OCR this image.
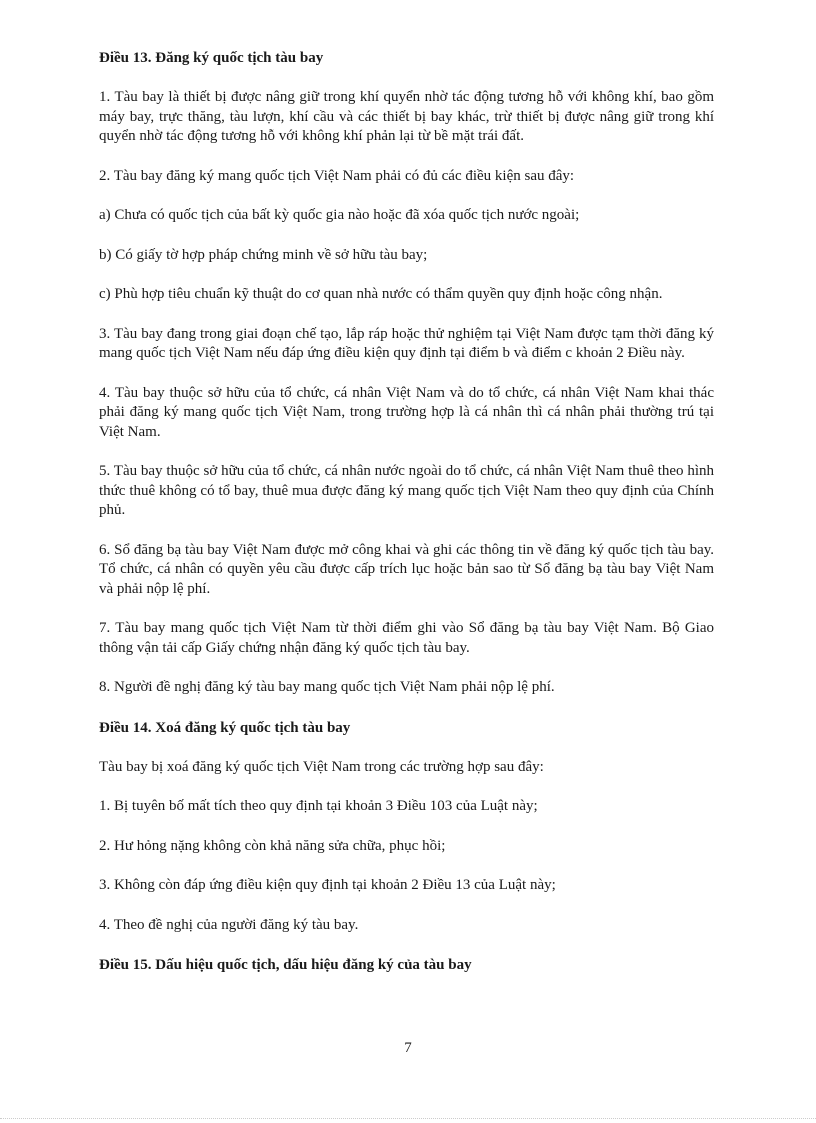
Điều 13. Đăng ký quốc tịch tàu bay
1. Tàu bay là thiết bị được nâng giữ trong khí quyển nhờ tác động tương hỗ với không khí, bao gồm máy bay, trực thăng, tàu lượn, khí cầu và các thiết bị bay khác, trừ thiết bị được nâng giữ trong khí quyển nhờ tác động tương hỗ với không khí phản lại từ bề mặt trái đất.
2. Tàu bay đăng ký mang quốc tịch Việt Nam phải có đủ các điều kiện sau đây:
a) Chưa có quốc tịch của bất kỳ quốc gia nào hoặc đã xóa quốc tịch nước ngoài;
b) Có giấy tờ hợp pháp chứng minh về sở hữu tàu bay;
c) Phù hợp tiêu chuẩn kỹ thuật do cơ quan nhà nước có thẩm quyền quy định hoặc công nhận.
3. Tàu bay đang trong giai đoạn chế tạo, lắp ráp hoặc thử nghiệm tại Việt Nam được tạm thời đăng ký mang quốc tịch Việt Nam nếu đáp ứng điều kiện quy định tại điểm b và điểm c khoản 2 Điều này.
4. Tàu bay thuộc sở hữu của tổ chức, cá nhân Việt Nam và do tổ chức, cá nhân Việt Nam khai thác phải đăng ký mang quốc tịch Việt Nam, trong trường hợp là cá nhân thì cá nhân phải thường trú tại Việt Nam.
5. Tàu bay thuộc sở hữu của tổ chức, cá nhân nước ngoài do tổ chức, cá nhân Việt Nam thuê theo hình thức thuê không có tổ bay, thuê mua được đăng ký mang quốc tịch Việt Nam theo quy định của Chính phủ.
6. Sổ đăng bạ tàu bay Việt Nam được mở công khai và ghi các thông tin về đăng ký quốc tịch tàu bay. Tổ chức, cá nhân có quyền yêu cầu được cấp trích lục hoặc bản sao từ Sổ đăng bạ tàu bay Việt Nam và phải nộp lệ phí.
7. Tàu bay mang quốc tịch Việt Nam từ thời điểm ghi vào Sổ đăng bạ tàu bay Việt Nam. Bộ Giao thông vận tải cấp Giấy chứng nhận đăng ký quốc tịch tàu bay.
8. Người đề nghị đăng ký tàu bay mang quốc tịch Việt Nam phải nộp lệ phí.
Điều 14. Xoá đăng ký quốc tịch tàu bay
Tàu bay bị xoá đăng ký quốc tịch Việt Nam trong các trường hợp sau đây:
1. Bị tuyên bố mất tích theo quy định tại khoản 3 Điều 103 của Luật này;
2. Hư hỏng nặng không còn khả năng sửa chữa, phục hồi;
3. Không còn đáp ứng điều kiện quy định tại khoản 2 Điều 13 của Luật này;
4. Theo đề nghị của người đăng ký tàu bay.
Điều 15. Dấu hiệu quốc tịch, dấu hiệu đăng ký của tàu bay
7
